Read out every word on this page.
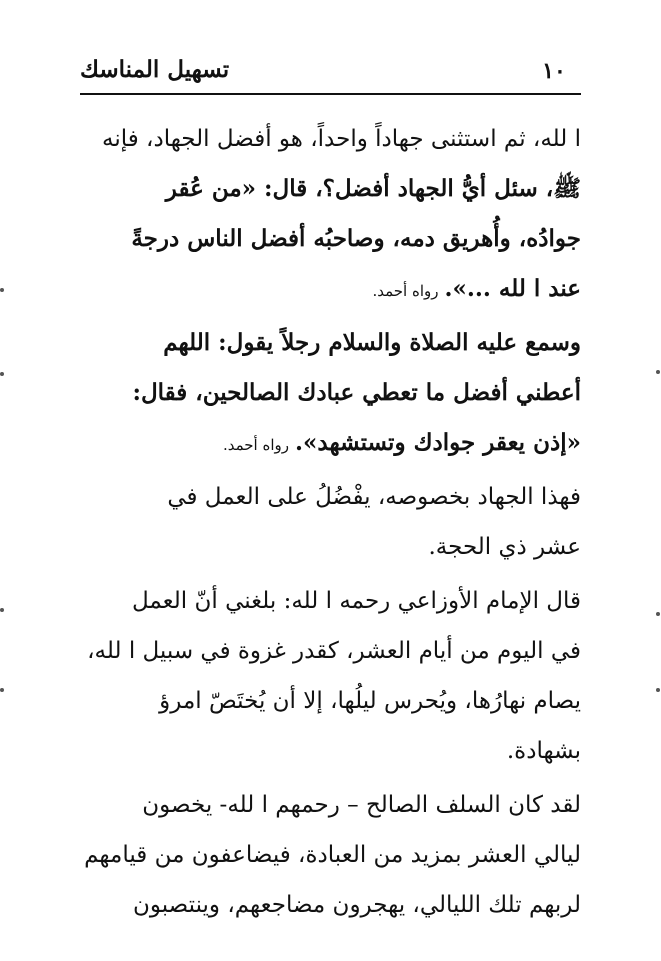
تسهيل المناسك	١٠
ا لله، ثم استثنى جهاداً واحداً، هو أفضل الجهاد، فإنه
ﷺ، سئل أيُّ الجهاد أفضل؟، قال: «من عُقر
جوادُه، وأُهريق دمه، وصاحبُه أفضل الناس درجةً
عند ا لله ...».رواه أحمد.
وسمع عليه الصلاة والسلام رجلاً يقول: اللهم
أعطني أفضل ما تعطي عبادك الصالحين، فقال:
«إذن يعقر جوادك وتستشهد».رواه أحمد.
فهذا الجهاد بخصوصه، يفْضُلُ على العمل في
عشر ذي الحجة.
قال الإمام الأوزاعي رحمه ا لله: بلغني أنّ العمل
في اليوم من أيام العشر، كقدر غزوة في سبيل ا لله،
يصام نهارُها، ويُحرس ليلُها، إلا أن يُختَصّ امرؤ
بشهادة.
لقد كان السلف الصالح – رحمهم ا لله- يخصون
ليالي العشر بمزيد من العبادة، فيضاعفون من قيامهم
لربهم تلك الليالي، يهجرون مضاجعهم، وينتصبون
